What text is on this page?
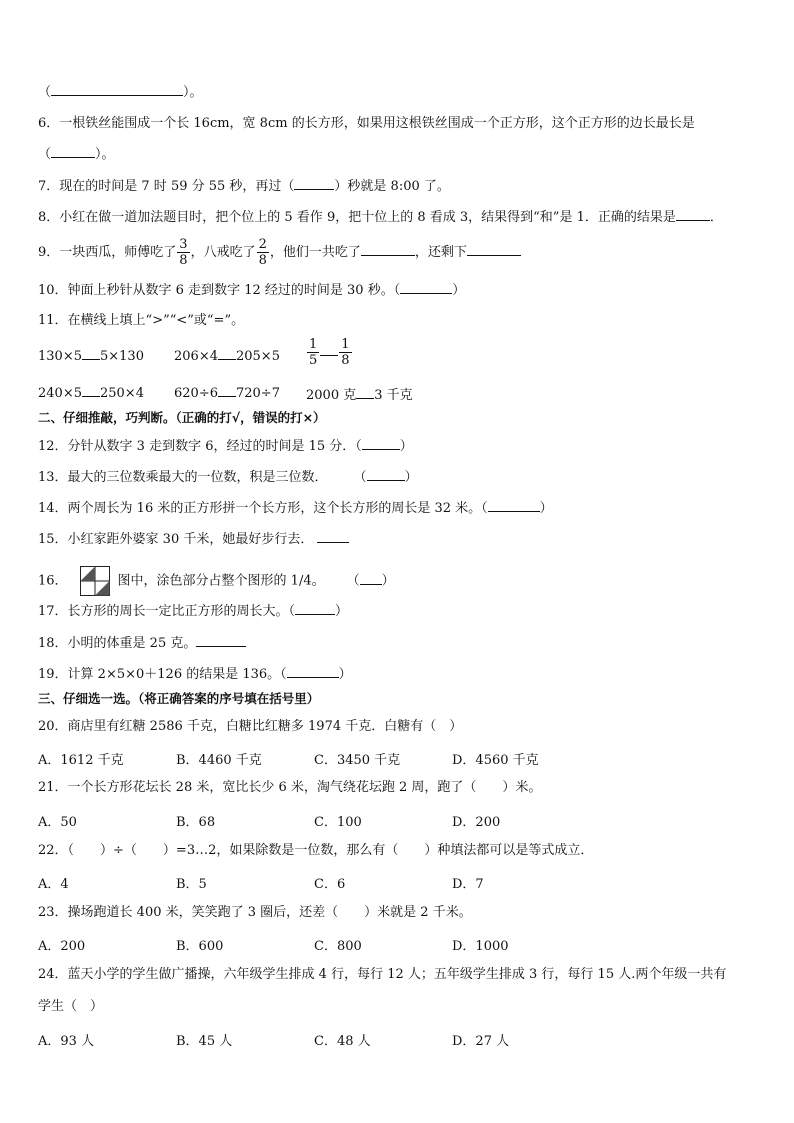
（	）。
6．一根铁丝能围成一个长 16cm，宽 8cm 的长方形，如果用这根铁丝围成一个正方形，这个正方形的边长最长是
（	）。
7．现在的时间是 7 时 59 分 55 秒，再过（	）秒就是 8:00 了。
8．小红在做一道加法题目时，把个位上的 5 看作 9，把十位上的 8 看成 3，结果得到“和”是 1．正确的结果是	．
9．一块西瓜，师傅吃了 $\frac{3}{8}$ ，八戒吃了 $\frac{2}{8}$ ，他们一共吃了	，还剩下
10．钟面上秒针从数字 6 走到数字 12 经过的时间是 30 秒。（	）
11．在横线上填上“>”“<”或“=”。
130×5 5×130 206×4 $205\times 5 \frac{1}{5} \frac{1}{8}$
240×5 250×4 620÷6 720÷7 2000 克 3 千克
二、仔细推敲，巧判断。（正确的打√，错误的打×）
12．分针从数字 3 走到数字 6，经过的时间是 15 分．（	）
13．最大的三位数乘最大的一位数，积是三位数． （	）
14．两个周长为 16 米的正方形拼一个长方形，这个长方形的周长是 32 米。（	）
15．小红家距外婆家 30 千米，她最好步行去．
16．	图中，涂色部分占整个图形的 1/4。 （ ）
17．长方形的周长一定比正方形的周长大。（	）
18．小明的体重是 25 克。
19．计算 2×5×0＋126 的结果是 136。（	）
三、仔细选一选。（将正确答案的序号填在括号里）
20．商店里有红糖 2586 千克，白糖比红糖多 1974 千克．白糖有（　）
A．1612 千克	B．4460 千克	C．3450 千克	D．4560 千克
21．一个长方形花坛长 28 米，宽比长少 6 米，淘气绕花坛跑 2 周，跑了（　　）米。
A．50	B．68	C．100	D．200
22．（　　）÷（　　）=3…2，如果除数是一位数，那么有（　　）种填法都可以是等式成立．
A．4	B．5	C．6	D．7
23．操场跑道长 400 米，笑笑跑了 3 圈后，还差（　　）米就是 2 千米。
A．200	B．600	C．800	D．1000
24．蓝天小学的学生做广播操，六年级学生排成 4 行，每行 12 人；五年级学生排成 3 行，每行 15 人.两个年级一共有
学生（　）
A．93 人	B．45 人	C．48 人	D．27 人
